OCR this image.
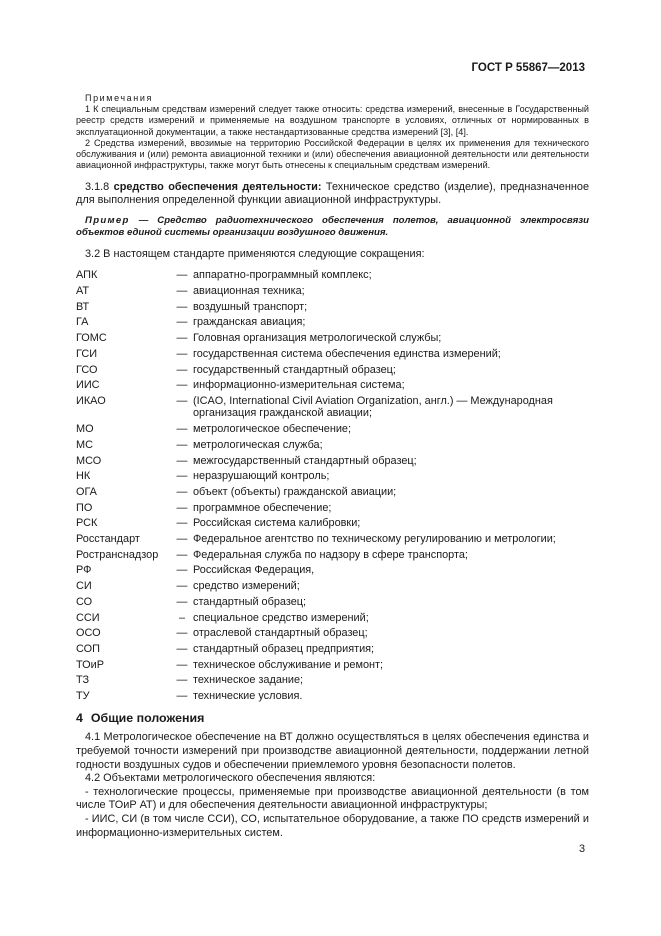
ГОСТ Р 55867—2013
Примечания

1 К специальным средствам измерений следует также относить: средства измерений, внесенные в Государственный реестр средств измерений и применяемые на воздушном транспорте в условиях, отличных от нормированных в эксплуатационной документации, а также нестандартизованные средства измерений [3], [4].

2 Средства измерений, ввозимые на территорию Российской Федерации в целях их применения для технического обслуживания и (или) ремонта авиационной техники и (или) обеспечения авиационной деятельности или деятельности авиационной инфраструктуры, также могут быть отнесены к специальным средствам измерений.

3.1.8 средство обеспечения деятельности: Техническое средство (изделие), предназначенное для выполнения определенной функции авиационной инфраструктуры.

Пример — Средство радиотехнического обеспечения полетов, авиационной электросвязи объектов единой системы организации воздушного движения.

3.2 В настоящем стандарте применяются следующие сокращения:

АПК	— аппаратно-программный комплекс;
АТ	— авиационная техника;
ВТ	— воздушный транспорт;
ГА	— гражданская авиация;
ГОМС	— Головная организация метрологической службы;
ГСИ	— государственная система обеспечения единства измерений;
ГСО	— государственный стандартный образец;
ИИС	— информационно-измерительная система;
ИКАО	— (ICAO, International Civil Aviation Organization, англ.) — Международная организация гражданской авиации;
МО	— метрологическое обеспечение;
МС	— метрологическая служба;
МСО	— межгосударственный стандартный образец;
НК	— неразрушающий контроль;
ОГА	— объект (объекты) гражданской авиации;
ПО	— программное обеспечение;
РСК	— Российская система калибровки;
Росстандарт	— Федеральное агентство по техническому регулированию и метрологии;
Ространснадзор	— Федеральная служба по надзору в сфере транспорта;
РФ	— Российская Федерация,
СИ	— средство измерений;
СО	— стандартный образец;
ССИ	– специальное средство измерений;
ОСО	— отраслевой стандартный образец;
СОП	— стандартный образец предприятия;
ТОиР	— техническое обслуживание и ремонт;
ТЗ	— техническое задание;
ТУ	— технические условия.
4 Общие положения

4.1 Метрологическое обеспечение на ВТ должно осуществляться в целях обеспечения единства и требуемой точности измерений при производстве авиационной деятельности, поддержании летной годности воздушных судов и обеспечении приемлемого уровня безопасности полетов.

4.2 Объектами метрологического обеспечения являются:

- технологические процессы, применяемые при производстве авиационной деятельности (в том числе ТОиР АТ) и для обеспечения деятельности авиационной инфраструктуры;

- ИИС, СИ (в том числе ССИ), СО, испытательное оборудование, а также ПО средств измерений и информационно-измерительных систем.

3
